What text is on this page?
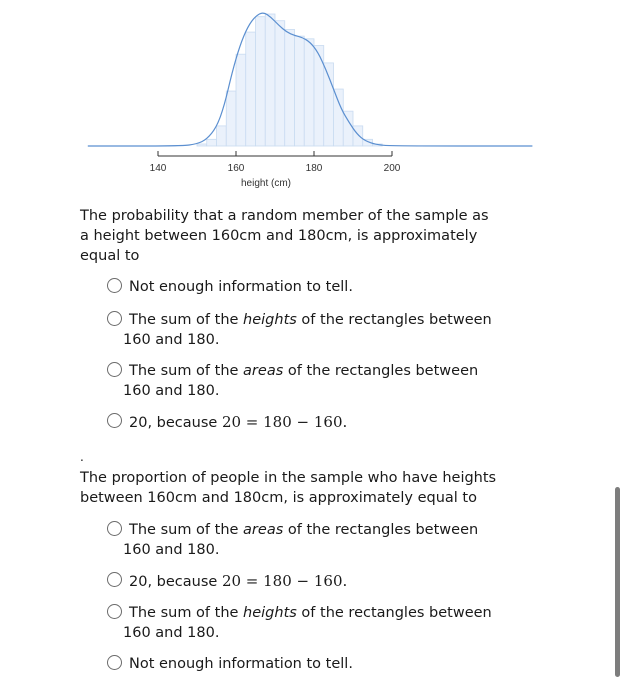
140	160	180	200
height (cm)
The probability that a random member of the sample as a height between 160cm and 180cm, is approximately equal to
Not enough information to tell.
The sum of the heights of the rectangles between 160 and 180.
The sum of the areas of the rectangles between 160 and 180.
20, because 20 = 180 − 160.
.
The proportion of people in the sample who have heights between 160cm and 180cm, is approximately equal to
The sum of the areas of the rectangles between 160 and 180.
20, because 20 = 180 − 160.
The sum of the heights of the rectangles between 160 and 180.
Not enough information to tell.
